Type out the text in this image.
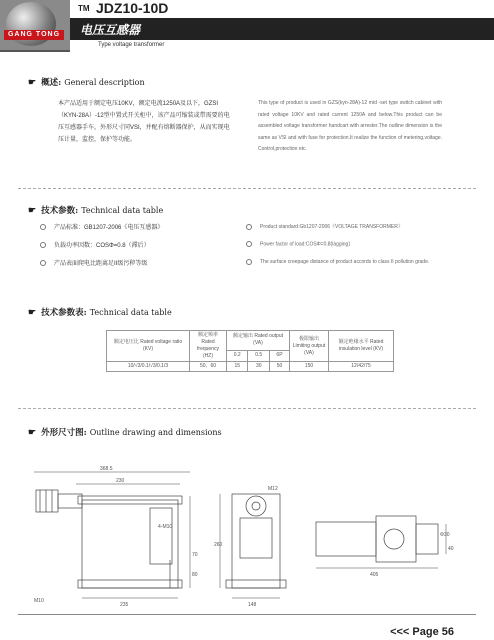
GANG TONG
TM JDZ10-10D
电压互感器
Type voltage transformer
☛ 概述: General description
本产品适用于额定电压10KV，额定电流1250A及以下，GZSI（KYN-28A）-12型中置式开关柜中，该产品可缩装或带需要的电压互感器手车，外形尺寸同VSI，并配有熔断器保护，从而实现电压计量，监控，保护等功能。
This type of product is used in GZS(kyn-28A)-12 mid -set type switch cabinet with rated voltage 10KV and rated current 1250A and below.This product can be assembled voltage transformer handcart with arrester.The outline dimension is the same as VSI and with fuse for protection.It realize the function of metering,voltage. Control,protection etc.
☛ 技术参数: Technical data table
产品标准：GB1207-2006《电压互感器》
负载功率因数：COSΦ=0.8（滞后）
产品表面爬电比距离足II级污秽等级
Product standard:Gb1207-2006《VOLTAGE TRANSFORMER》
Power factor of load:COSΦ=0.8(lagging)
The surface creepage distance of product accords to class II pollution grade.
☛ 技术参数表: Technical data table
额定电压比 Rated voltage ratio (KV)	额定频率 Rated frequency (HZ)	额定输出 Rated output (VA)			极限输出 Limiting output (VA)	额定绝缘水平 Rated insulation level (KV)
		0.2	0.5	6P		
10/√3/0.1/√3/0.1/3	50、60	15	30	50	150	12/42/75
☛ 外形尺寸图: Outline drawing and dimensions
368.5
230
4-M10
70
235
M10
260
M12
148
405
Φ30
80
40
<<< Page 56
